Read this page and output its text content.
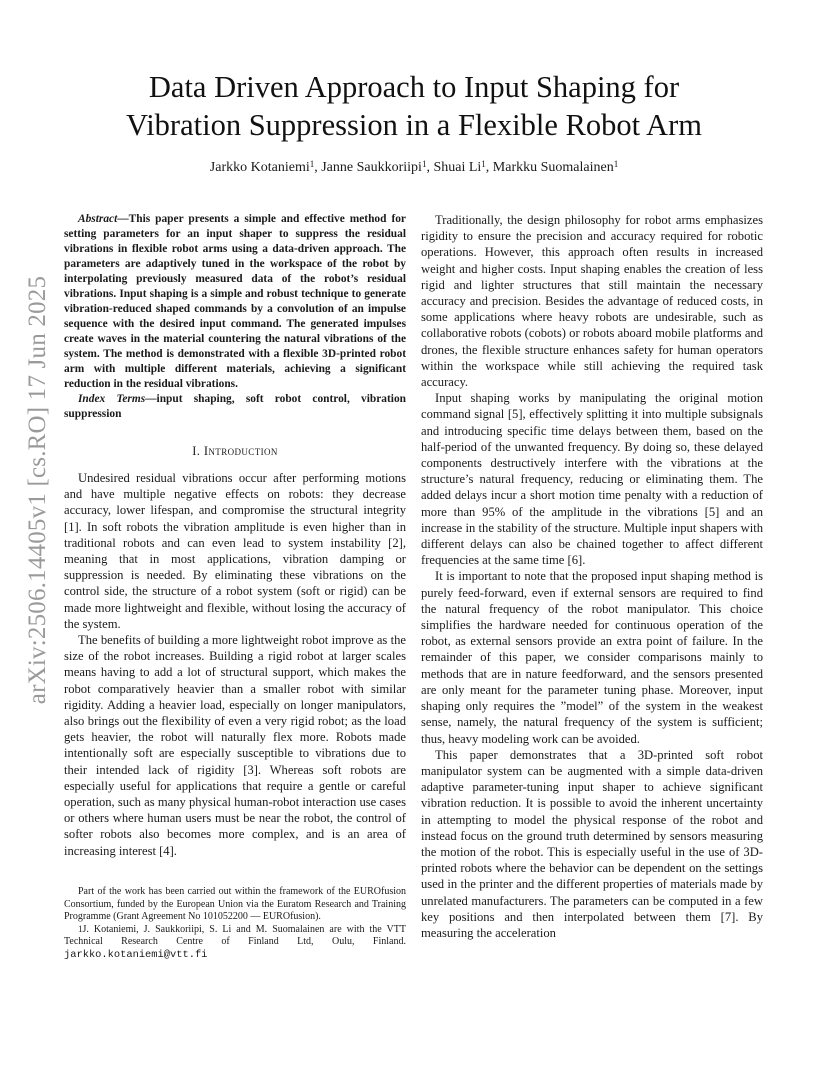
arXiv:2506.14405v1 [cs.RO] 17 Jun 2025
Data Driven Approach to Input Shaping for
Vibration Suppression in a Flexible Robot Arm
Jarkko Kotaniemi$^1$, Janne Saukkoriipi$^1$, Shuai Li$^1$, Markku Suomalainen$^1$

Abstract—This paper presents a simple and effective method for setting parameters for an input shaper to suppress the residual vibrations in flexible robot arms using a data-driven approach. The parameters are adaptively tuned in the workspace of the robot by interpolating previously measured data of the robot’s residual vibrations. Input shaping is a simple and robust technique to generate vibration-reduced shaped commands by a convolution of an impulse sequence with the desired input command. The generated impulses create waves in the material countering the natural vibrations of the system. The method is demonstrated with a flexible 3D-printed robot arm with multiple different materials, achieving a significant reduction in the residual vibrations.

Index Terms—input shaping, soft robot control, vibration suppression

I. Introduction

Undesired residual vibrations occur after performing motions and have multiple negative effects on robots: they decrease accuracy, lower lifespan, and compromise the structural integrity [1]. In soft robots the vibration amplitude is even higher than in traditional robots and can even lead to system instability [2], meaning that in most applications, vibration damping or suppression is needed. By eliminating these vibrations on the control side, the structure of a robot system (soft or rigid) can be made more lightweight and flexible, without losing the accuracy of the system.

The benefits of building a more lightweight robot improve as the size of the robot increases. Building a rigid robot at larger scales means having to add a lot of structural support, which makes the robot comparatively heavier than a smaller robot with similar rigidity. Adding a heavier load, especially on longer manipulators, also brings out the flexibility of even a very rigid robot; as the load gets heavier, the robot will naturally flex more. Robots made intentionally soft are especially susceptible to vibrations due to their intended lack of rigidity [3]. Whereas soft robots are especially useful for applications that require a gentle or careful operation, such as many physical human-robot interaction use cases or others where human users must be near the robot, the control of softer robots also becomes more complex, and is an area of increasing interest [4].

Part of the work has been carried out within the framework of the EUROfusion Consortium, funded by the European Union via the Euratom Research and Training Programme (Grant Agreement No 101052200 — EUROfusion).

$^1$J. Kotaniemi, J. Saukkoriipi, S. Li and M. Suomalainen are with the VTT Technical Research Centre of Finland Ltd, Oulu, Finland. jarkko.kotaniemi@vtt.fi

Traditionally, the design philosophy for robot arms emphasizes rigidity to ensure the precision and accuracy required for robotic operations. However, this approach often results in increased weight and higher costs. Input shaping enables the creation of less rigid and lighter structures that still maintain the necessary accuracy and precision. Besides the advantage of reduced costs, in some applications where heavy robots are undesirable, such as collaborative robots (cobots) or robots aboard mobile platforms and drones, the flexible structure enhances safety for human operators within the workspace while still achieving the required task accuracy.

Input shaping works by manipulating the original motion command signal [5], effectively splitting it into multiple subsignals and introducing specific time delays between them, based on the half-period of the unwanted frequency. By doing so, these delayed components destructively interfere with the vibrations at the structure’s natural frequency, reducing or eliminating them. The added delays incur a short motion time penalty with a reduction of more than 95% of the amplitude in the vibrations [5] and an increase in the stability of the structure. Multiple input shapers with different delays can also be chained together to affect different frequencies at the same time [6].

It is important to note that the proposed input shaping method is purely feed-forward, even if external sensors are required to find the natural frequency of the robot manipulator. This choice simplifies the hardware needed for continuous operation of the robot, as external sensors provide an extra point of failure. In the remainder of this paper, we consider comparisons mainly to methods that are in nature feedforward, and the sensors presented are only meant for the parameter tuning phase. Moreover, input shaping only requires the ”model” of the system in the weakest sense, namely, the natural frequency of the system is sufficient; thus, heavy modeling work can be avoided.

This paper demonstrates that a 3D-printed soft robot manipulator system can be augmented with a simple data-driven adaptive parameter-tuning input shaper to achieve significant vibration reduction. It is possible to avoid the inherent uncertainty in attempting to model the physical response of the robot and instead focus on the ground truth determined by sensors measuring the motion of the robot. This is especially useful in the use of 3D-printed robots where the behavior can be dependent on the settings used in the printer and the different properties of materials made by unrelated manufacturers. The parameters can be computed in a few key positions and then interpolated between them [7]. By measuring the acceleration
